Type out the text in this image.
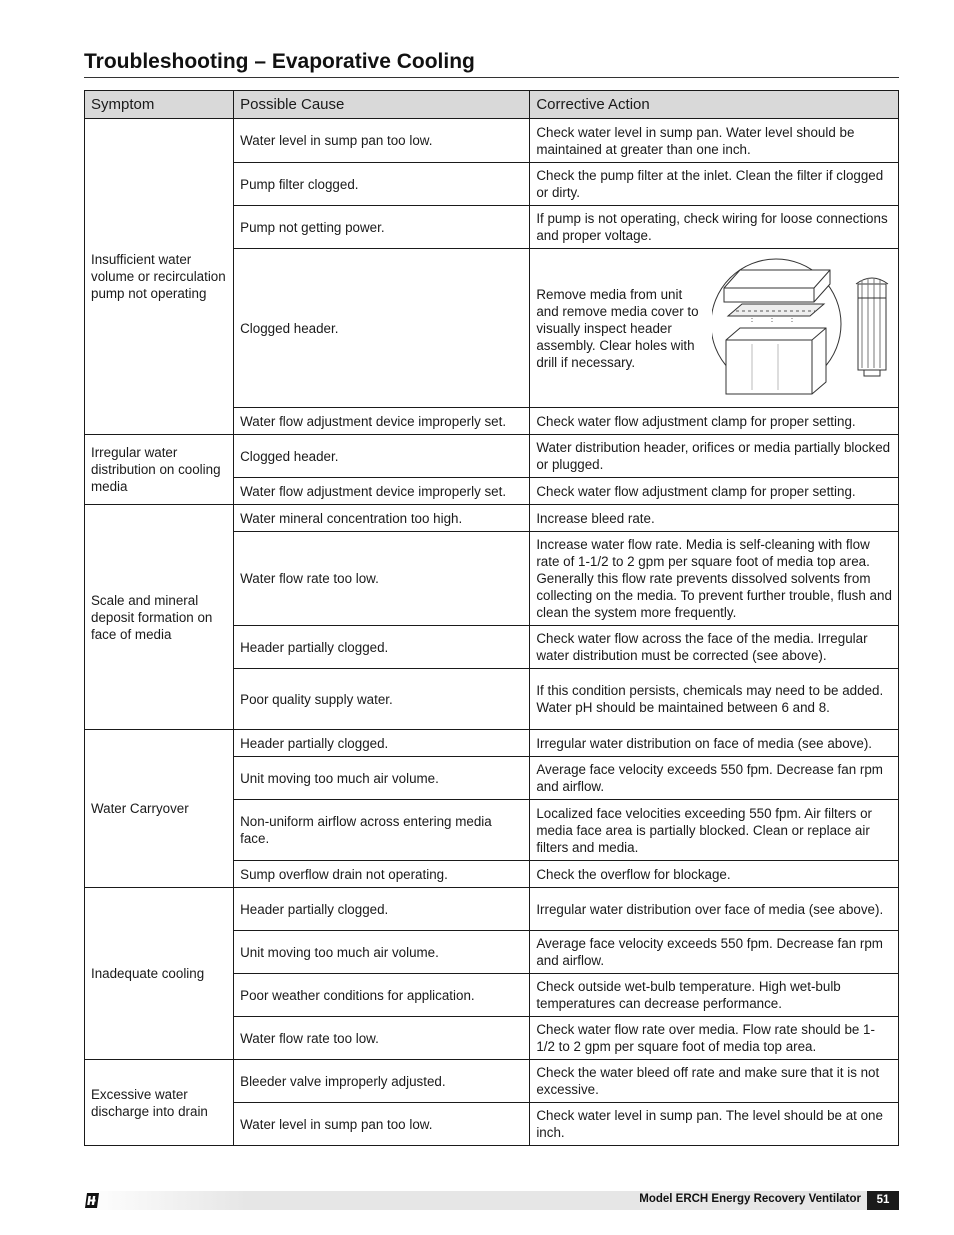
Troubleshooting – Evaporative Cooling
Symptom	Possible Cause	Corrective Action
Insufficient water volume or recirculation pump not operating	Water level in sump pan too low.	Check water level in sump pan. Water level should be maintained at greater than one inch.
	Pump filter clogged.	Check the pump filter at the inlet. Clean the filter if clogged or dirty.
	Pump not getting power.	If pump is not operating, check wiring for loose connections and proper voltage.
	Clogged header.	Remove media from unit and remove media cover to visually inspect header assembly. Clear holes with drill if necessary.

	Water flow adjustment device improperly set.	Check water flow adjustment clamp for proper setting.
Irregular water distribution on cooling media	Clogged header.	Water distribution header, orifices or media partially blocked or plugged.
	Water flow adjustment device improperly set.	Check water flow adjustment clamp for proper setting.
Scale and mineral deposit formation on face of media	Water mineral concentration too high.	Increase bleed rate.
	Water flow rate too low.	Increase water flow rate. Media is self-cleaning with flow rate of 1-1/2 to 2 gpm per square foot of media top area. Generally this flow rate prevents dissolved solvents from collecting on the media. To prevent further trouble, flush and clean the system more frequently.
	Header partially clogged.	Check water flow across the face of the media. Irregular water distribution must be corrected (see above).
	Poor quality supply water.	If this condition persists, chemicals may need to be added. Water pH should be maintained between 6 and 8.
Water Carryover	Header partially clogged.	Irregular water distribution on face of media (see above).
	Unit moving too much air volume.	Average face velocity exceeds 550 fpm. Decrease fan rpm and airflow.
	Non-uniform airflow across entering media face.	Localized face velocities exceeding 550 fpm. Air filters or media face area is partially blocked. Clean or replace air filters and media.
	Sump overflow drain not operating.	Check the overflow for blockage.
Inadequate cooling	Header partially clogged.	Irregular water distribution over face of media (see above).
	Unit moving too much air volume.	Average face velocity exceeds 550 fpm. Decrease fan rpm and airflow.
	Poor weather conditions for application.	Check outside wet-bulb temperature. High wet-bulb temperatures can decrease performance.
	Water flow rate too low.	Check water flow rate over media. Flow rate should be 1-1/2 to 2 gpm per square foot of media top area.
Excessive water discharge into drain	Bleeder valve improperly adjusted.	Check the water bleed off rate and make sure that it is not excessive.
	Water level in sump pan too low.	Check water level in sump pan. The level should be at one inch.
Model ERCH Energy Recovery Ventilator	51
